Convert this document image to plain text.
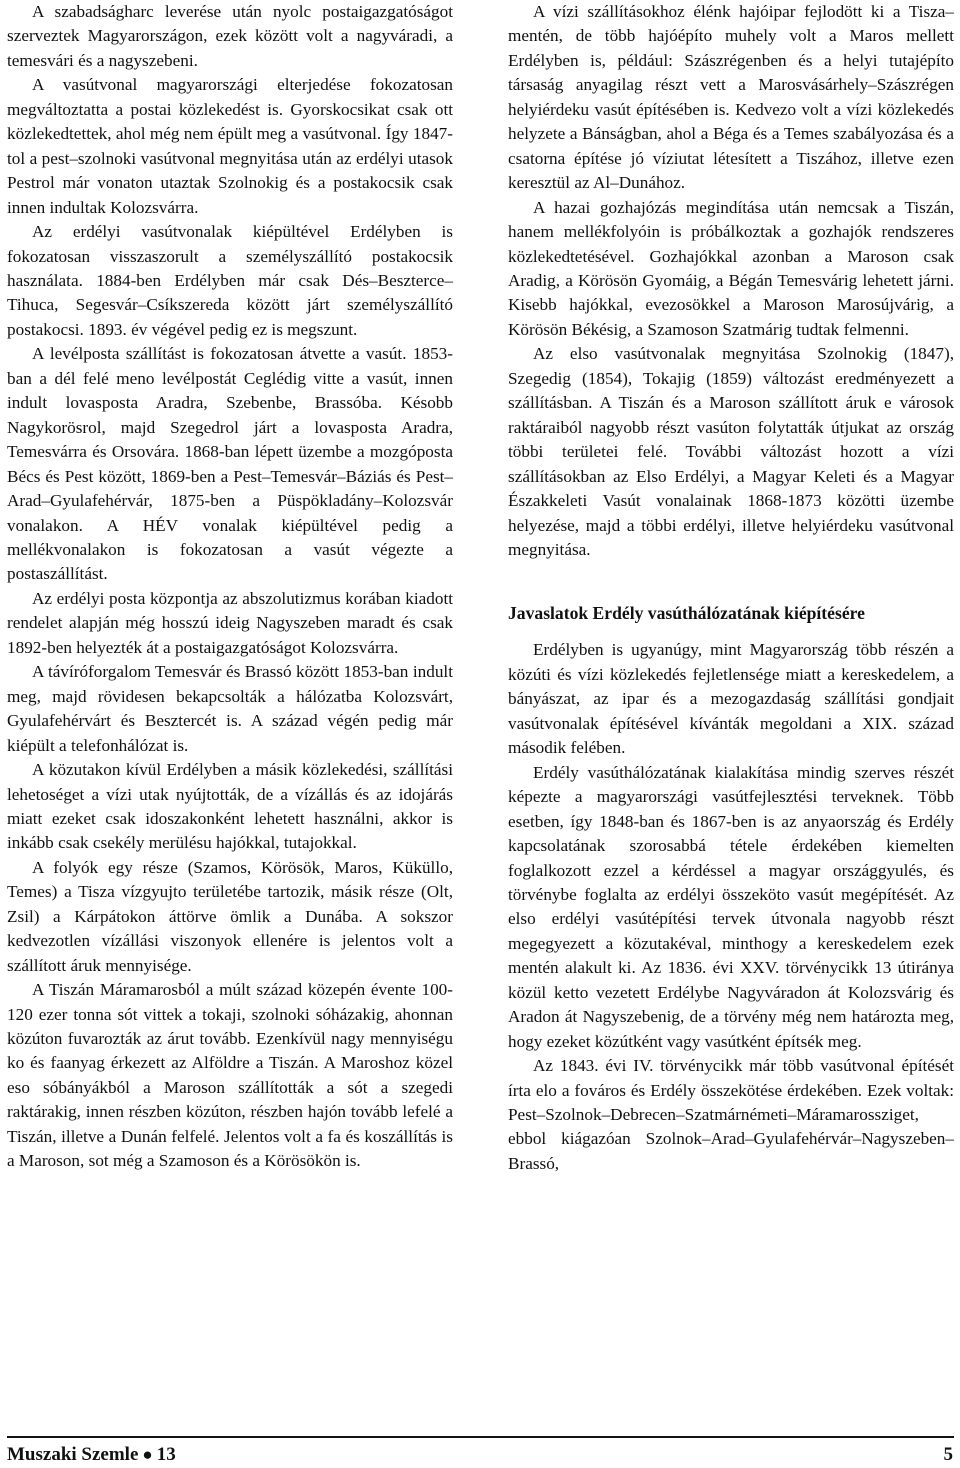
A szabadságharc leverése után nyolc postaigazgatóságot szerveztek Magyarországon, ezek között volt a nagyváradi, a temesvári és a nagyszebeni.

A vasútvonal magyarországi elterjedése fokozatosan megváltoztatta a postai közlekedést is. Gyorskocsikat csak ott közlekedtettek, ahol még nem épült meg a vasútvonal. Így 1847-tol a pest–szolnoki vasútvonal megnyitása után az erdélyi utasok Pestrol már vonaton utaztak Szolnokig és a postakocsik csak innen indultak Kolozsvárra.

Az erdélyi vasútvonalak kiépültével Erdélyben is fokozatosan visszaszorult a személyszállító postakocsik használata. 1884-ben Erdélyben már csak Dés–Beszterce–Tihuca, Segesvár–Csíkszereda között járt személyszállító postakocsi. 1893. év végével pedig ez is megszunt.

A levélposta szállítást is fokozatosan átvette a vasút. 1853-ban a dél felé meno levélpostát Ceglédig vitte a vasút, innen indult lovasposta Aradra, Szebenbe, Brassóba. Késobb Nagykorösrol, majd Szegedrol járt a lovasposta Aradra, Temesvárra és Orsovára. 1868-ban lépett üzembe a mozgóposta Bécs és Pest között, 1869-ben a Pest–Temesvár–Báziás és Pest–Arad–Gyulafehérvár, 1875-ben a Püspökladány–Kolozsvár vonalakon. A HÉV vonalak kiépültével pedig a mellékvonalakon is fokozatosan a vasút végezte a postaszállítást.

Az erdélyi posta központja az abszolutizmus korában kiadott rendelet alapján még hosszú ideig Nagyszeben maradt és csak 1892-ben helyezték át a postaigazgatóságot Kolozsvárra.

A távíróforgalom Temesvár és Brassó között 1853-ban indult meg, majd rövidesen bekapcsolták a hálózatba Kolozsvárt, Gyulafehérvárt és Besztercét is. A század végén pedig már kiépült a telefonhálózat is.

A közutakon kívül Erdélyben a másik közlekedési, szállítási lehetoséget a vízi utak nyújtották, de a vízállás és az idojárás miatt ezeket csak idoszakonként lehetett használni, akkor is inkább csak csekély merülésu hajókkal, tutajokkal.

A folyók egy része (Szamos, Körösök, Maros, Küküllo, Temes) a Tisza vízgyujto területébe tartozik, másik része (Olt, Zsil) a Kárpátokon áttörve ömlik a Dunába. A sokszor kedvezotlen vízállási viszonyok ellenére is jelentos volt a szállított áruk mennyisége.

A Tiszán Máramarosból a múlt század közepén évente 100-120 ezer tonna sót vittek a tokaji, szolnoki sóházakig, ahonnan közúton fuvarozták az árut tovább. Ezenkívül nagy mennyiségu ko és faanyag érkezett az Alföldre a Tiszán. A Maroshoz közel eso sóbányákból a Maroson szállították a sót a szegedi raktárakig, innen részben közúton, részben hajón tovább lefelé a Tiszán, illetve a Dunán felfelé. Jelentos volt a fa és koszállítás is a Maroson, sot még a Szamoson és a Körösökön is.

A vízi szállításokhoz élénk hajóipar fejlodött ki a Tisza–mentén, de több hajóépíto muhely volt a Maros mellett Erdélyben is, például: Szászrégenben és a helyi tutajépíto társaság anyagilag részt vett a Marosvásárhely–Szászrégen helyiérdeku vasút építésében is. Kedvezo volt a vízi közlekedés helyzete a Bánságban, ahol a Béga és a Temes szabályozása és a csatorna építése jó víziutat létesített a Tiszához, illetve ezen keresztül az Al–Dunához.

A hazai gozhajózás megindítása után nemcsak a Tiszán, hanem mellékfolyóin is próbálkoztak a gozhajók rendszeres közlekedtetésével. Gozhajókkal azonban a Maroson csak Aradig, a Körösön Gyomáig, a Bégán Temesvárig lehetett járni. Kisebb hajókkal, evezosökkel a Maroson Marosújvárig, a Körösön Békésig, a Szamoson Szatmárig tudtak felmenni.

Az elso vasútvonalak megnyitása Szolnokig (1847), Szegedig (1854), Tokajig (1859) változást eredményezett a szállításban. A Tiszán és a Maroson szállított áruk e városok raktáraiból nagyobb részt vasúton folytatták útjukat az ország többi területei felé. További változást hozott a vízi szállításokban az Elso Erdélyi, a Magyar Keleti és a Magyar Északkeleti Vasút vonalainak 1868-1873 közötti üzembe helyezése, majd a többi erdélyi, illetve helyiérdeku vasútvonal megnyitása.

Javaslatok Erdély vasúthálózatának kiépítésére

Erdélyben is ugyanúgy, mint Magyarország több részén a közúti és vízi közlekedés fejletlensége miatt a kereskedelem, a bányászat, az ipar és a mezogazdaság szállítási gondjait vasútvonalak építésével kívánták megoldani a XIX. század második felében.

Erdély vasúthálózatának kialakítása mindig szerves részét képezte a magyarországi vasútfejlesztési terveknek. Több esetben, így 1848-ban és 1867-ben is az anyaország és Erdély kapcsolatának szorosabbá tétele érdekében kiemelten foglalkozott ezzel a kérdéssel a magyar országgyulés, és törvénybe foglalta az erdélyi összeköto vasút megépítését. Az elso erdélyi vasútépítési tervek útvonala nagyobb részt megegyezett a közutakéval, minthogy a kereskedelem ezek mentén alakult ki. Az 1836. évi XXV. törvénycikk 13 útiránya közül ketto vezetett Erdélybe Nagyváradon át Kolozsvárig és Aradon át Nagyszebenig, de a törvény még nem határozta meg, hogy ezeket közútként vagy vasútként építsék meg.

Az 1843. évi IV. törvénycikk már több vasútvonal építését írta elo a fováros és Erdély összekötése érdekében. Ezek voltak: Pest–Szolnok–Debrecen–Szatmárnémeti–Máramarossziget, ebbol kiágazóan Szolnok–Arad–Gyulafehérvár–Nagyszeben–Brassó,

Muszaki Szemle ● 13	5
